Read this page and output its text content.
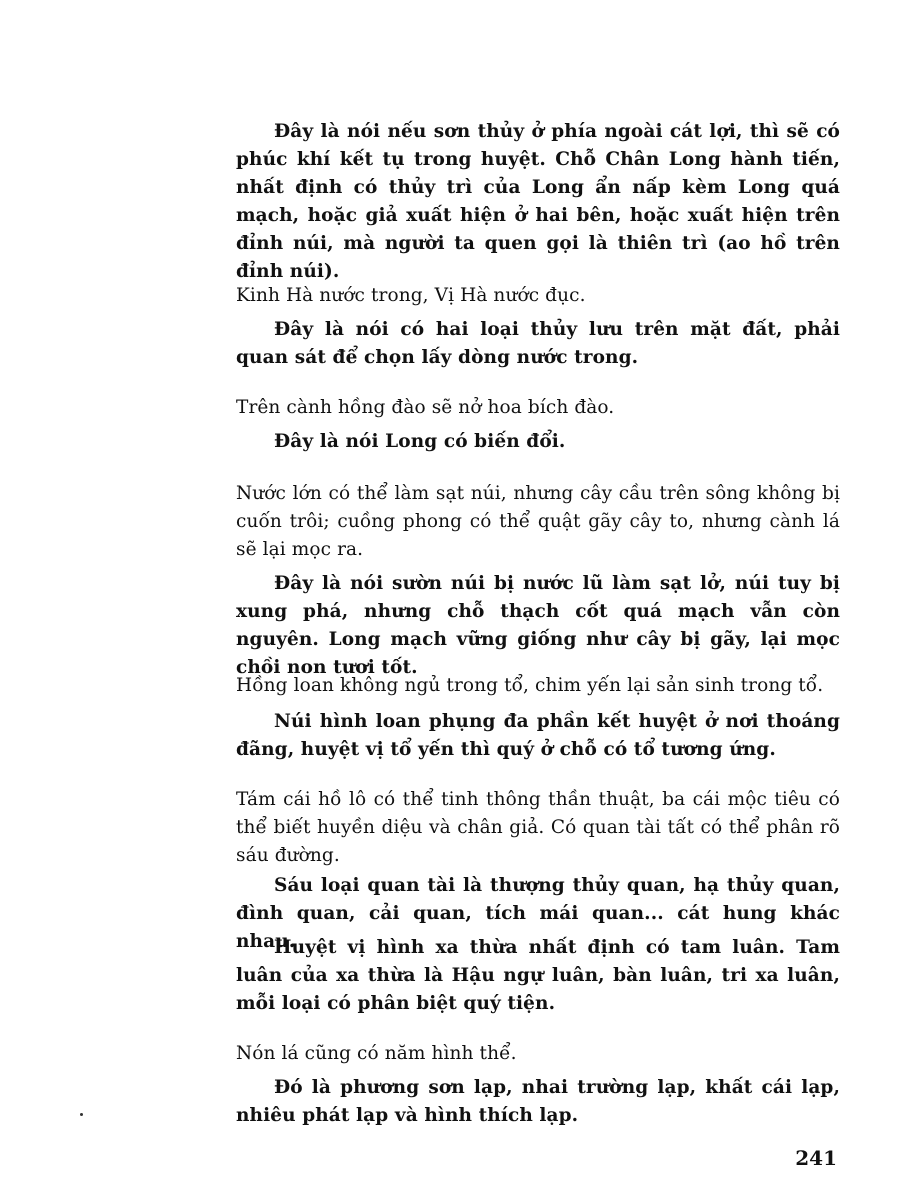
Đây là nói nếu sơn thủy ở phía ngoài cát lợi, thì sẽ có phúc khí kết tụ trong huyệt. Chỗ Chân Long hành tiến, nhất định có thủy trì của Long ẩn nấp kèm Long quá mạch, hoặc giả xuất hiện ở hai bên, hoặc xuất hiện trên đỉnh núi, mà người ta quen gọi là thiên trì (ao hồ trên đỉnh núi).

Kinh Hà nước trong, Vị Hà nước đục.

Đây là nói có hai loại thủy lưu trên mặt đất, phải quan sát để chọn lấy dòng nước trong.

Trên cành hồng đào sẽ nở hoa bích đào.

Đây là nói Long có biến đổi.

Nước lớn có thể làm sạt núi, nhưng cây cầu trên sông không bị cuốn trôi; cuồng phong có thể quật gãy cây to, nhưng cành lá sẽ lại mọc ra.

Đây là nói sườn núi bị nước lũ làm sạt lở, núi tuy bị xung phá, nhưng chỗ thạch cốt quá mạch vẫn còn nguyên. Long mạch vững giống như cây bị gãy, lại mọc chồi non tươi tốt.

Hồng loan không ngủ trong tổ, chim yến lại sản sinh trong tổ.

Núi hình loan phụng đa phần kết huyệt ở nơi thoáng đãng, huyệt vị tổ yến thì quý ở chỗ có tổ tương ứng.

Tám cái hồ lô có thể tinh thông thần thuật, ba cái mộc tiêu có thể biết huyền diệu và chân giả. Có quan tài tất có thể phân rõ sáu đường.

Sáu loại quan tài là thượng thủy quan, hạ thủy quan, đình quan, cải quan, tích mái quan... cát hung khác nhau.

Huyệt vị hình xa thừa nhất định có tam luân. Tam luân của xa thừa là Hậu ngự luân, bàn luân, tri xa luân, mỗi loại có phân biệt quý tiện.

Nón lá cũng có năm hình thể.

Đó là phương sơn lạp, nhai trường lạp, khất cái lạp, nhiêu phát lạp và hình thích lạp.

241
